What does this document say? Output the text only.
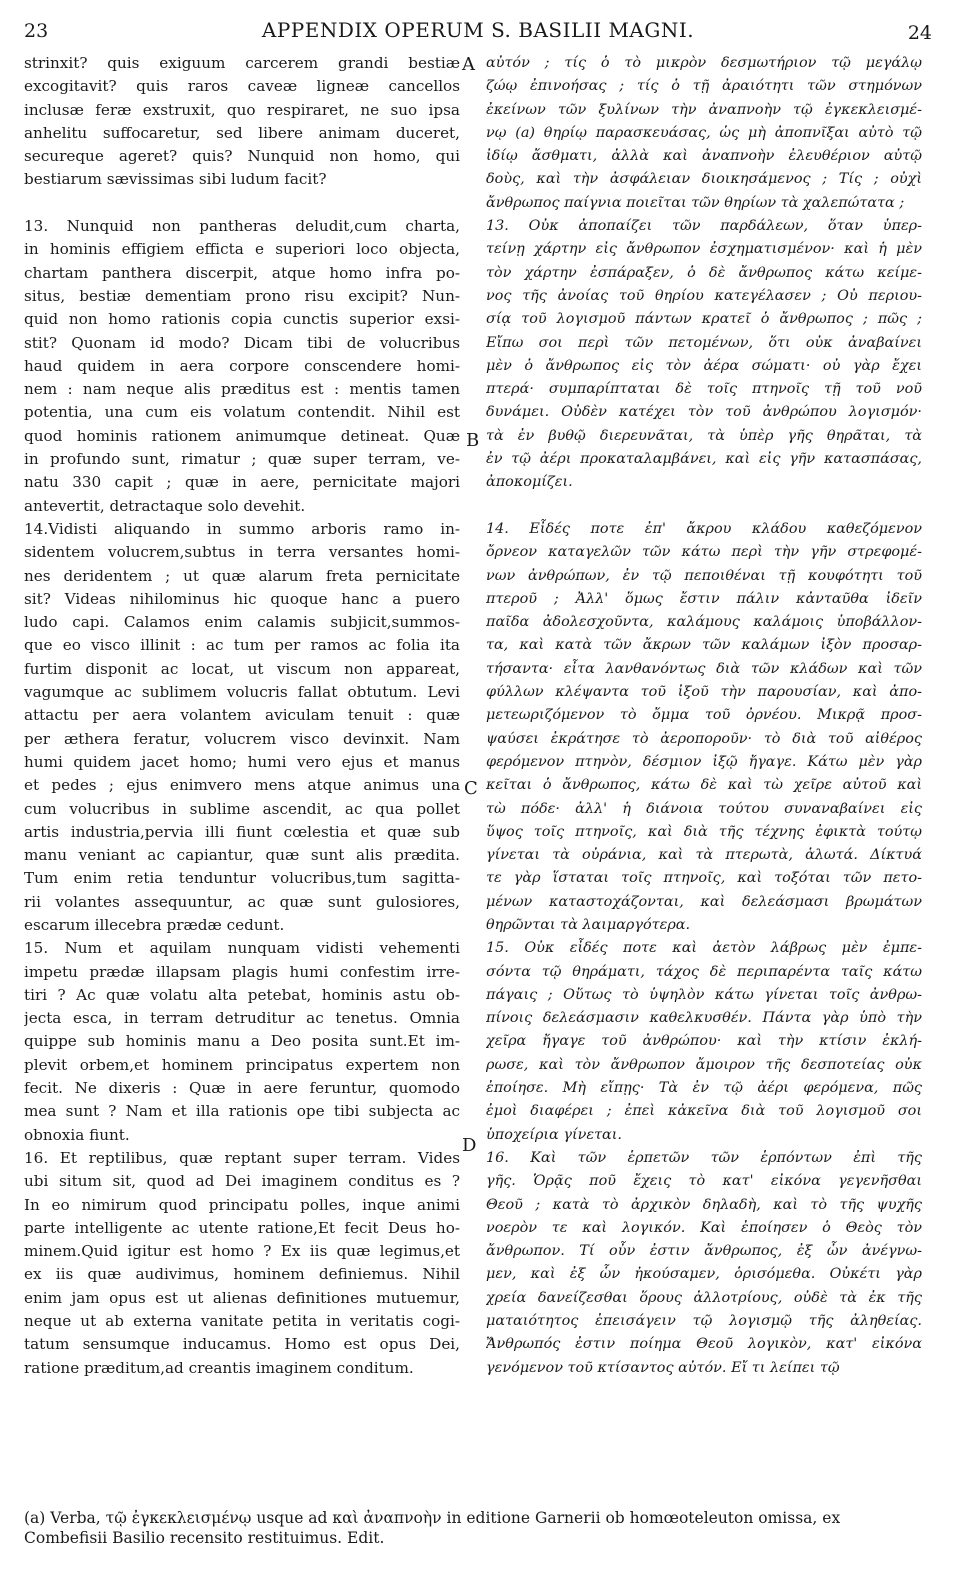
23	APPENDIX OPERUM S. BASILII MAGNI.	24
strinxit? quis exiguum carcerem grandi bestiæ
excogitavit? quis raros caveæ ligneæ cancellos
inclusæ feræ exstruxit, quo respiraret, ne suo ipsa
anhelitu suffocaretur, sed libere animam duceret,
secureque ageret? quis? Nunquid non homo, qui
bestiarum sævissimas sibi ludum facit?
13. Nunquid non pantheras deludit,cum charta,
in hominis effigiem efficta e superiori loco objecta,
chartam panthera discerpit, atque homo infra po-
situs, bestiæ dementiam prono risu excipit? Nun-
quid non homo rationis copia cunctis superior exsi-
stit? Quonam id modo? Dicam tibi de volucribus
haud quidem in aera corpore conscendere homi-
nem : nam neque alis præditus est : mentis tamen
potentia, una cum eis volatum contendit. Nihil est
quod hominis rationem animumque detineat. Quæ
in profundo sunt, rimatur ; quæ super terram, ve-
natu 330 capit ; quæ in aere, pernicitate majori
antevertit, detractaque solo devehit.
14.Vidisti aliquando in summo arboris ramo in-
sidentem volucrem,subtus in terra versantes homi-
nes deridentem ; ut quæ alarum freta pernicitate
sit? Videas nihilominus hic quoque hanc a puero
ludo capi. Calamos enim calamis subjicit,summos-
que eo visco illinit : ac tum per ramos ac folia ita
furtim disponit ac locat, ut viscum non appareat,
vagumque ac sublimem volucris fallat obtutum. Levi
attactu per aera volantem aviculam tenuit : quæ
per æthera feratur, volucrem visco devinxit. Nam
humi quidem jacet homo; humi vero ejus et manus
et pedes ; ejus enimvero mens atque animus una
cum volucribus in sublime ascendit, ac qua pollet
artis industria,pervia illi fiunt cœlestia et quæ sub
manu veniant ac capiantur, quæ sunt alis prædita.
Tum enim retia tenduntur volucribus,tum sagitta-
rii volantes assequuntur, ac quæ sunt gulosiores,
escarum illecebra prædæ cedunt.
15. Num et aquilam nunquam vidisti vehementi
impetu prædæ illapsam plagis humi confestim irre-
tiri ? Ac quæ volatu alta petebat, hominis astu ob-
jecta esca, in terram detruditur ac tenetus. Omnia
quippe sub hominis manu a Deo posita sunt.Et im-
plevit orbem,et hominem principatus expertem non
fecit. Ne dixeris : Quæ in aere feruntur, quomodo
mea sunt ? Nam et illa rationis ope tibi subjecta ac
obnoxia fiunt.
16. Et reptilibus, quæ reptant super terram. Vides
ubi situm sit, quod ad Dei imaginem conditus es ?
In eo nimirum quod principatu polles, inque animi
parte intelligente ac utente ratione,Et fecit Deus ho-
minem.Quid igitur est homo ? Ex iis quæ legimus,et
ex iis quæ audivimus, hominem definiemus. Nihil
enim jam opus est ut alienas definitiones mutuemur,
neque ut ab externa vanitate petita in veritatis cogi-
tatum sensumque inducamus. Homo est opus Dei,
ratione præditum,ad creantis imaginem conditum.
αὐτόν ; τίς ὁ τὸ μικρὸν δεσμωτήριον τῷ μεγάλῳ
ζώῳ ἐπινοήσας ; τίς ὁ τῇ ἀραιότητι τῶν στημόνων
ἐκείνων τῶν ξυλίνων τὴν ἀναπνοὴν τῷ ἐγκεκλεισμέ-
νῳ (a) θηρίῳ παρασκευάσας, ὡς μὴ ἀποπνῖξαι αὐτὸ τῷ
ἰδίῳ ἄσθματι, ἀλλὰ καὶ ἀναπνοὴν ἐλευθέριον αὐτῷ
δοὺς, καὶ τὴν ἀσφάλειαν διοικησάμενος ; Τίς ; οὐχὶ
ἄνθρωπος παίγνια ποιεῖται τῶν θηρίων τὰ χαλεπώτατα ;
13. Οὐκ ἀποπαίζει τῶν παρδάλεων, ὅταν ὑπερ-
τείνῃ χάρτην εἰς ἄνθρωπον ἐσχηματισμένον· καὶ ἡ μὲν
τὸν χάρτην ἐσπάραξεν, ὁ δὲ ἄνθρωπος κάτω κείμε-
νος τῆς ἀνοίας τοῦ θηρίου κατεγέλασεν ; Οὐ περιου-
σίᾳ τοῦ λογισμοῦ πάντων κρατεῖ ὁ ἄνθρωπος ; πῶς ;
Εἴπω σοι περὶ τῶν πετομένων, ὅτι οὐκ ἀναβαίνει
μὲν ὁ ἄνθρωπος εἰς τὸν ἀέρα σώματι· οὐ γὰρ ἔχει
πτερά· συμπαρίπταται δὲ τοῖς πτηνοῖς τῇ τοῦ νοῦ
δυνάμει. Οὐδὲν κατέχει τὸν τοῦ ἀνθρώπου λογισμόν·
τὰ ἐν βυθῷ διερευνᾶται, τὰ ὑπὲρ γῆς θηρᾶται, τὰ
ἐν τῷ ἀέρι προκαταλαμβάνει, καὶ εἰς γῆν κατασπάσας,
ἀποκομίζει.
14. Εἶδές ποτε ἐπ' ἄκρου κλάδου καθεζόμενον
ὄρνεον καταγελῶν τῶν κάτω περὶ τὴν γῆν στρεφομέ-
νων ἀνθρώπων, ἐν τῷ πεποιθέναι τῇ κουφότητι τοῦ
πτεροῦ ; Ἀλλ' ὅμως ἔστιν πάλιν κἀνταῦθα ἰδεῖν
παῖδα ἀδολεσχοῦντα, καλάμους καλάμοις ὑποβάλλον-
τα, καὶ κατὰ τῶν ἄκρων τῶν καλάμων ἰξὸν προσαρ-
τήσαντα· εἶτα λανθανόντως διὰ τῶν κλάδων καὶ τῶν
φύλλων κλέψαντα τοῦ ἰξοῦ τὴν παρουσίαν, καὶ ἀπο-
μετεωριζόμενον τὸ ὄμμα τοῦ ὀρνέου. Μικρᾷ προσ-
ψαύσει ἐκράτησε τὸ ἀεροποροῦν· τὸ διὰ τοῦ αἰθέρος
φερόμενον πτηνὸν, δέσμιον ἰξῷ ἤγαγε. Κάτω μὲν γὰρ
κεῖται ὁ ἄνθρωπος, κάτω δὲ καὶ τὼ χεῖρε αὐτοῦ καὶ
τὼ πόδε· ἀλλ' ἡ διάνοια τούτου συναναβαίνει εἰς
ὕψος τοῖς πτηνοῖς, καὶ διὰ τῆς τέχνης ἐφικτὰ τούτῳ
γίνεται τὰ οὐράνια, καὶ τὰ πτερωτὰ, ἁλωτά. Δίκτυά
τε γὰρ ἵσταται τοῖς πτηνοῖς, καὶ τοξόται τῶν πετο-
μένων καταστοχάζονται, καὶ δελεάσμασι βρωμάτων
θηρῶνται τὰ λαιμαργότερα.
15. Οὐκ εἶδές ποτε καὶ ἀετὸν λάβρως μὲν ἐμπε-
σόντα τῷ θηράματι, τάχος δὲ περιπαρέντα ταῖς κάτω
πάγαις ; Οὕτως τὸ ὑψηλὸν κάτω γίνεται τοῖς ἀνθρω-
πίνοις δελεάσμασιν καθελκυσθέν. Πάντα γὰρ ὑπὸ τὴν
χεῖρα ἤγαγε τοῦ ἀνθρώπου· καὶ τὴν κτίσιν ἐκλή-
ρωσε, καὶ τὸν ἄνθρωπον ἄμοιρον τῆς δεσποτείας οὐκ
ἐποίησε. Μὴ εἴπῃς· Τὰ ἐν τῷ ἀέρι φερόμενα, πῶς
ἐμοὶ διαφέρει ; ἐπεὶ κἀκεῖνα διὰ τοῦ λογισμοῦ σοι
ὑποχείρια γίνεται.
16. Καὶ τῶν ἑρπετῶν τῶν ἑρπόντων ἐπὶ τῆς
γῆς. Ὁρᾷς ποῦ ἔχεις τὸ κατ' εἰκόνα γεγενῆσθαι
Θεοῦ ; κατὰ τὸ ἀρχικὸν δηλαδὴ, καὶ τὸ τῆς ψυχῆς
νοερὸν τε καὶ λογικόν. Καὶ ἐποίησεν ὁ Θεὸς τὸν
ἄνθρωπον. Τί οὖν ἐστιν ἄνθρωπος, ἐξ ὧν ἀνέγνω-
μεν, καὶ ἐξ ὧν ἠκούσαμεν, ὁρισόμεθα. Οὐκέτι γὰρ
χρεία δανείζεσθαι ὅρους ἀλλοτρίους, οὐδὲ τὰ ἐκ τῆς
ματαιότητος ἐπεισάγειν τῷ λογισμῷ τῆς ἀληθείας.
Ἄνθρωπός ἐστιν ποίημα Θεοῦ λογικὸν, κατ' εἰκόνα
γενόμενον τοῦ κτίσαντος αὐτόν. Εἴ τι λείπει τῷ
A
B
C
D
(a) Verba, τῷ ἐγκεκλεισμένῳ usque ad καὶ ἀναπνοὴν in editione Garnerii ob homœoteleuton omissa, ex
Combefisii Basilio recensito restituimus. Edit.
